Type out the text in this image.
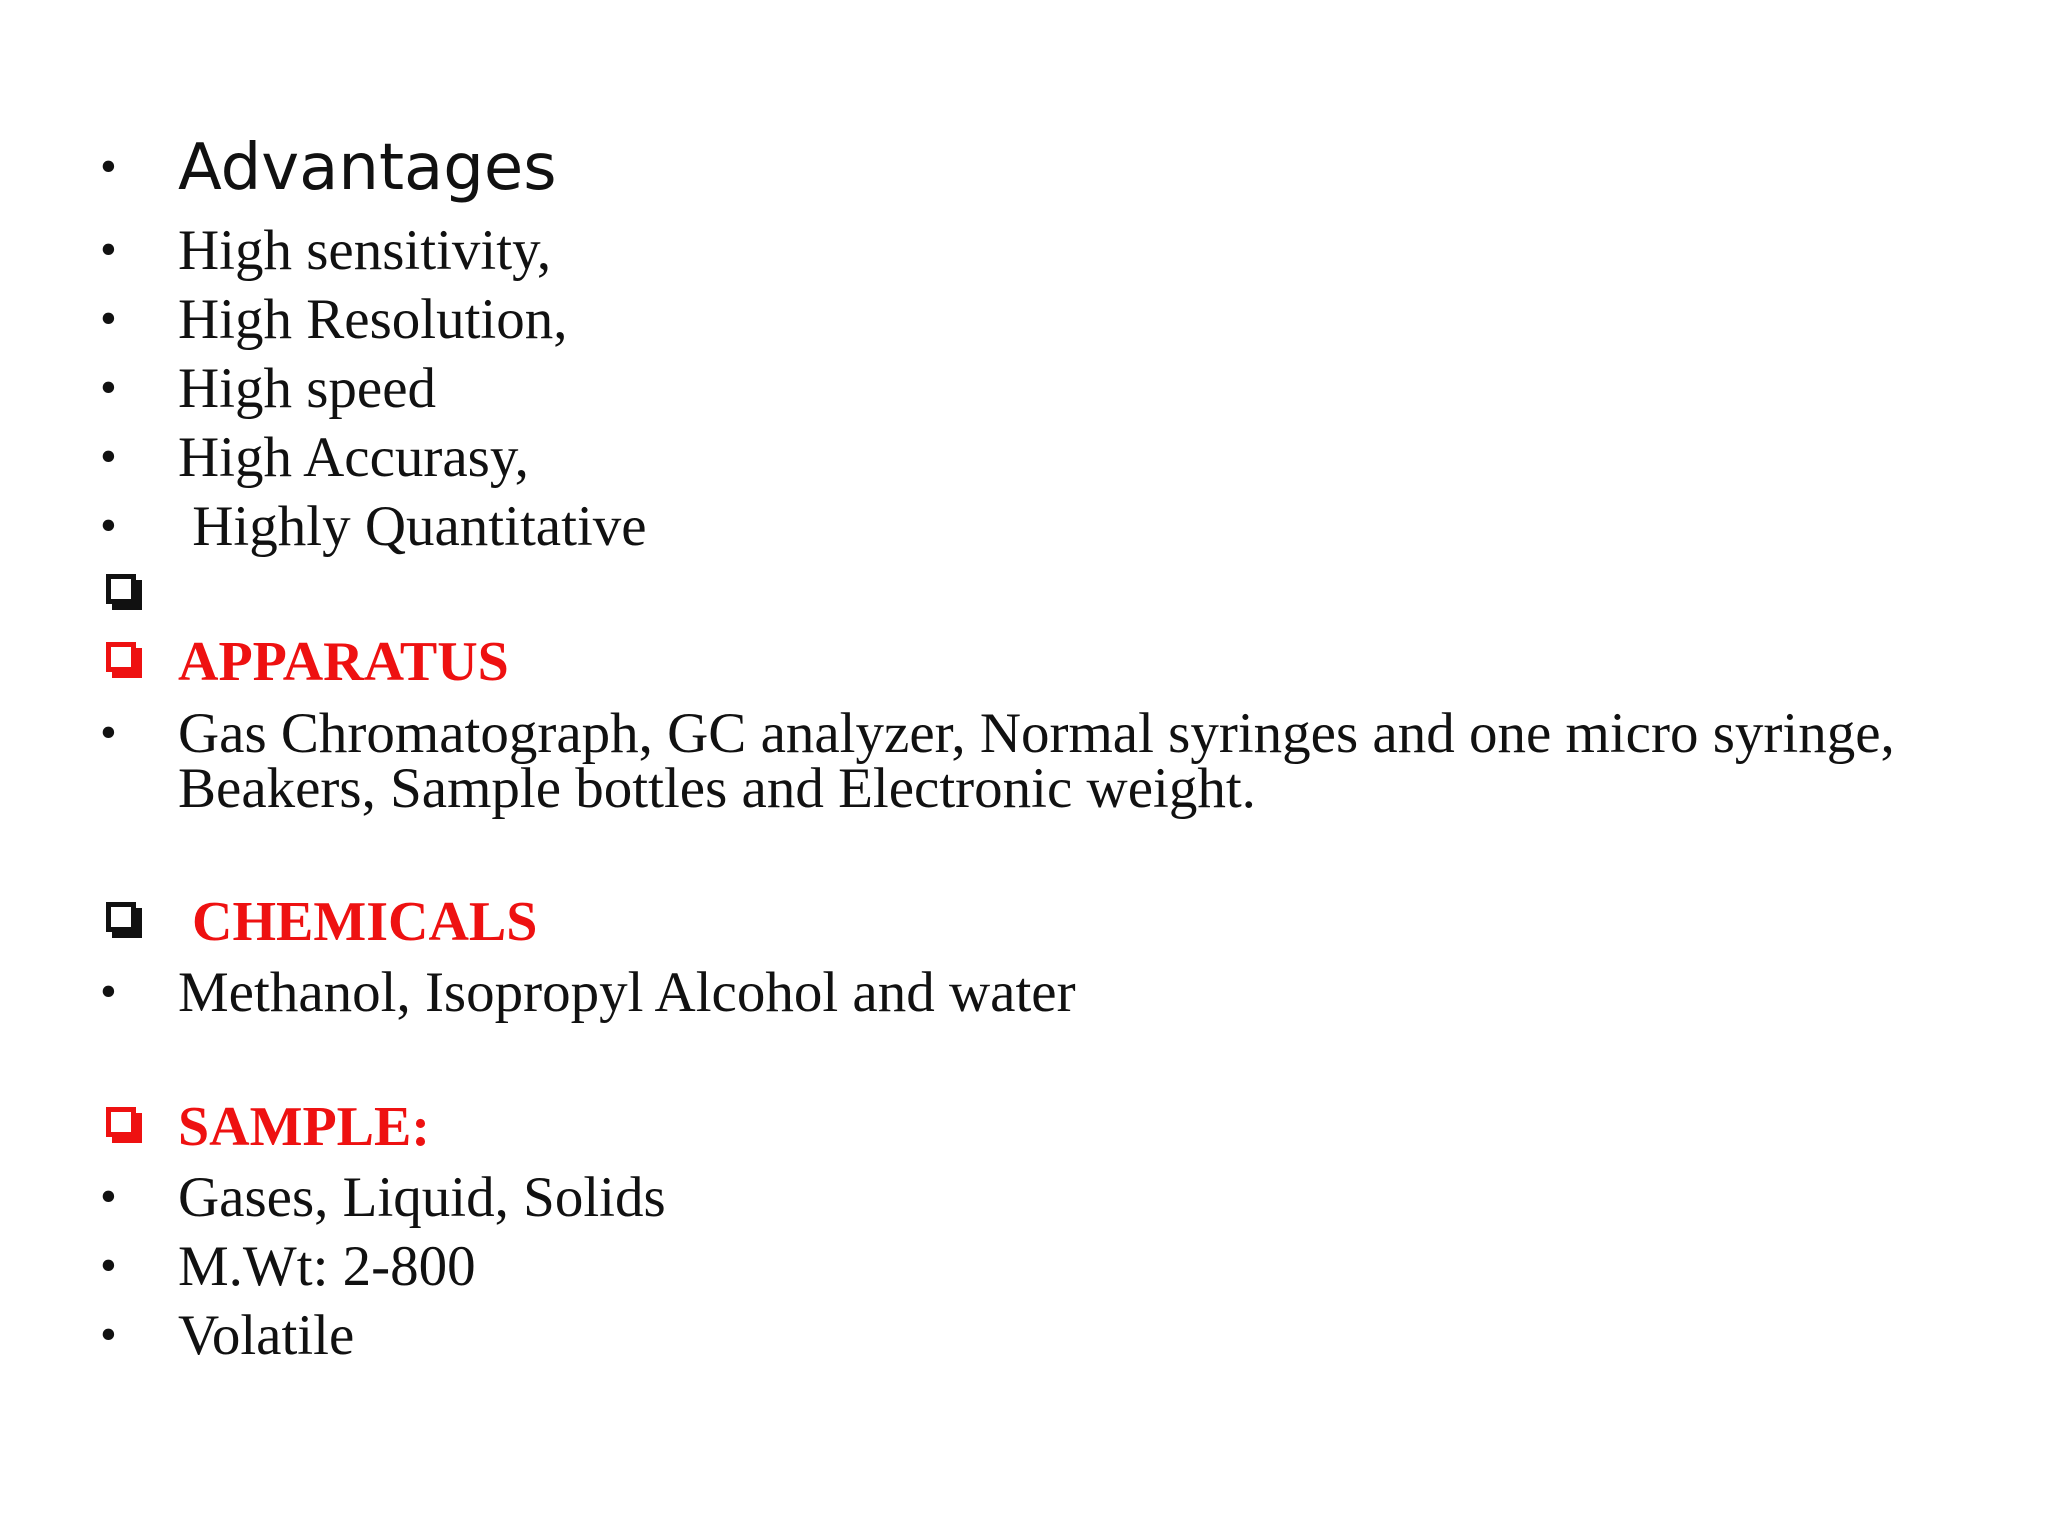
• Advantages
• High sensitivity,
• High Resolution,
• High speed
• High Accurasy,
• Highly Quantitative
APPARATUS
• Gas Chromatograph, GC analyzer, Normal syringes and one micro syringe,
Beakers, Sample bottles and Electronic weight.
CHEMICALS
• Methanol, Isopropyl Alcohol and water
SAMPLE:
• Gases, Liquid, Solids
• M.Wt: 2-800
• Volatile
